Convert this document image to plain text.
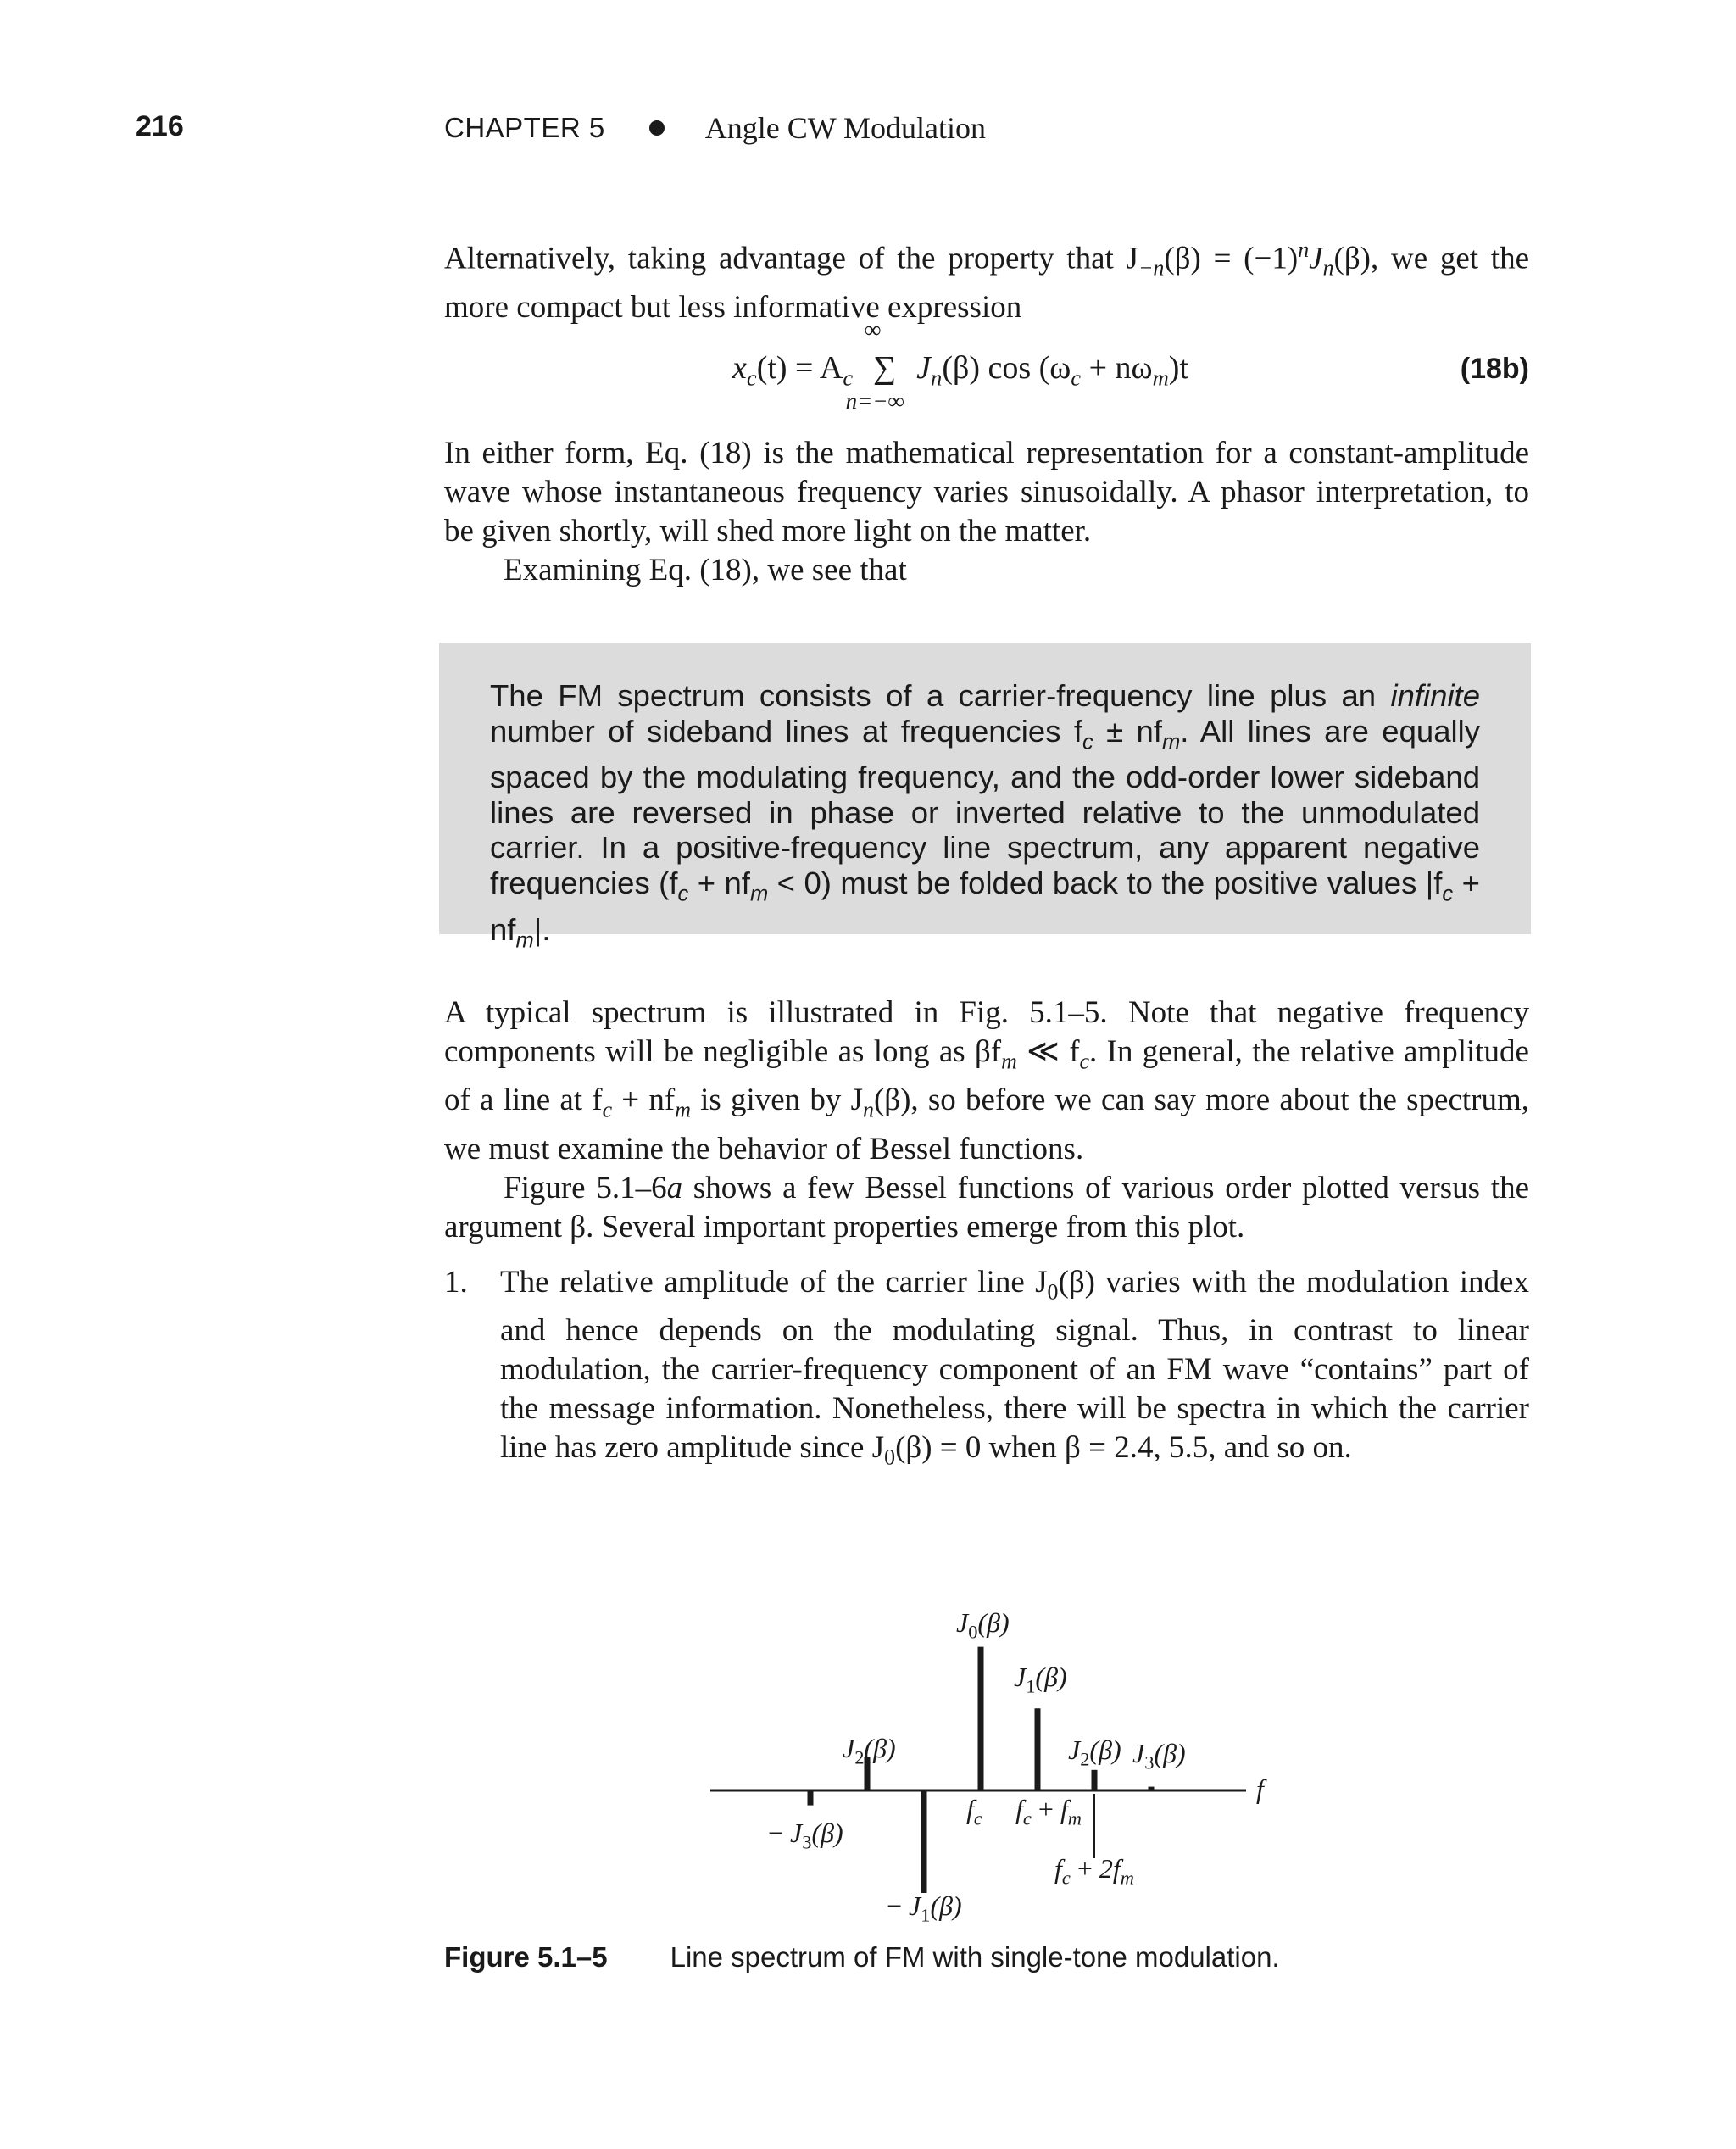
216	CHAPTER 5	Angle CW Modulation

Alternatively, taking advantage of the property that $J_{-n}(\beta) = (-1)^nJ_n(\beta)$, we get the more compact but less informative expression

$x_c(t) = A_c$
∞
∑
n=−∞
$J_n(\beta)$ $\cos (\omega_c + n\omega_m)t$	(18b)

In either form, Eq. (18) is the mathematical representation for a constant-amplitude wave whose instantaneous frequency varies sinusoidally. A phasor interpretation, to be given shortly, will shed more light on the matter.

Examining Eq. (18), we see that

The FM spectrum consists of a carrier-frequency line plus an infinite number of sideband lines at frequencies $f_c \pm nf_m$. All lines are equally spaced by the modulating frequency, and the odd-order lower sideband lines are reversed in phase or inverted relative to the unmodulated carrier. In a positive-frequency line spectrum, any apparent negative frequencies $(f_c + nf_m < 0)$ must be folded back to the positive values $|f_c + nf_m|$.

A typical spectrum is illustrated in Fig. 5.1–5. Note that negative frequency components will be negligible as long as $\beta f_m$ ≪ $f_c$. In general, the relative amplitude of a line at $f_c + nf_m$ is given by $J_n(\beta)$, so before we can say more about the spectrum, we must examine the behavior of Bessel functions.

Figure 5.1–6a shows a few Bessel functions of various order plotted versus the argument β. Several important properties emerge from this plot.

1. The relative amplitude of the carrier line $J_0(\beta)$ varies with the modulation index and hence depends on the modulating signal. Thus, in contrast to linear modulation, the carrier-frequency component of an FM wave “contains” part of the message information. Nonetheless, there will be spectra in which the carrier line has zero amplitude since $J_0(\beta) = 0$ when β = 2.4, 5.5, and so on.

f
$J_0(\beta)$
$J_1(\beta)$
$J_2(\beta)$	$J_2(\beta)$ $J_3(\beta)$
− $J_3(\beta)$
− $J_1(\beta)$
$f_c$ $f_c + f_m$
$f_c + 2f_m$
Figure 5.1–5 Line spectrum of FM with single-tone modulation.
